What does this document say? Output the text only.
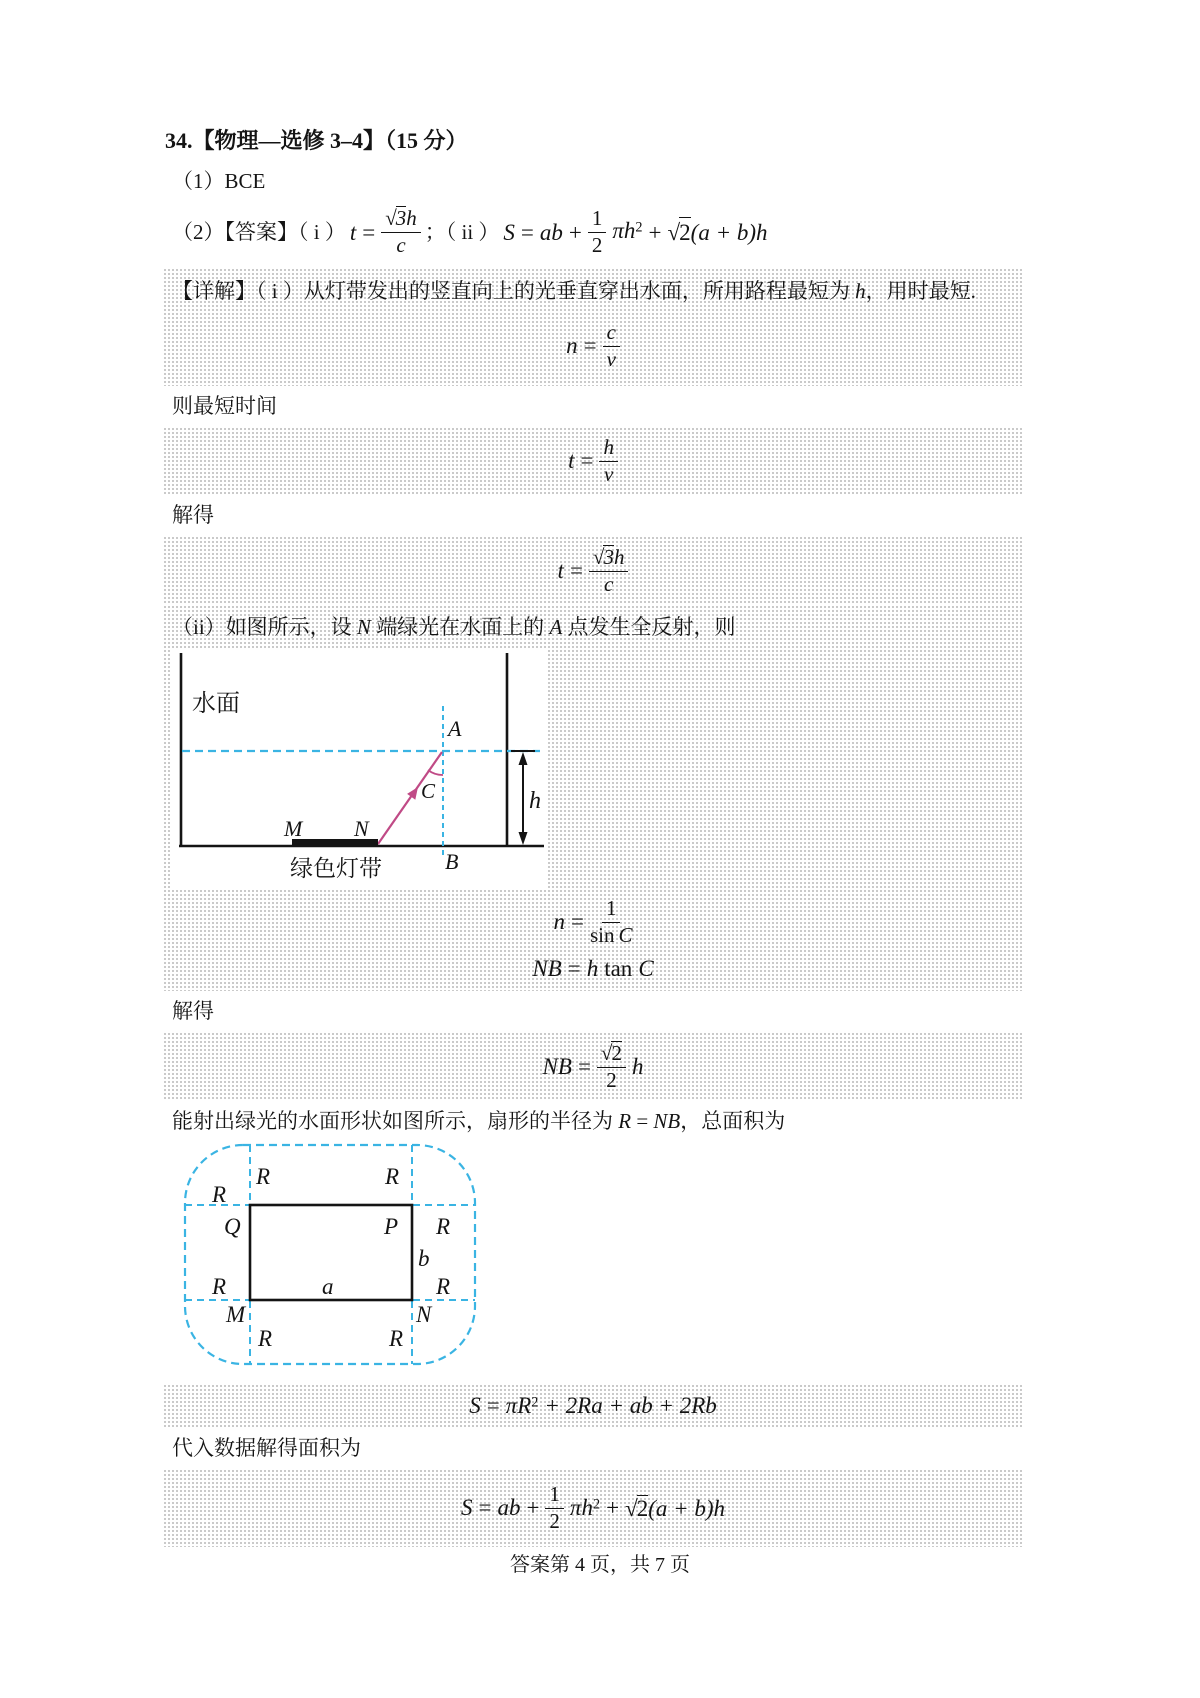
34.【物理—选修 3–4】（15 分）
（1）BCE
（2）【答案】（ i ） $t = \frac{√ 3 h}{c}$ ；（ ii ） S = ab + $\frac{1}{2}$ πh 2 + √ 2 (a + b)h
【详解】（ i ）从灯带发出的竖直向上的光垂直穿出水面，所用路程最短为 h，用时最短.
$n = \frac{c}{v}$
则最短时间
$t = \frac{h}{v}$
解得
$t = \frac{√ 3 h}{c}$
（ii）如图所示，设 N 端绿光在水面上的 A 点发生全反射，则
水面
A
C
M N
B
h
绿色灯带
$n = \frac{1}{\text{sin C}}$
NB = h tan C
解得
NB = $\frac{√ 2}{2}$ h
能射出绿光的水面形状如图所示，扇形的半径为 R = NB，总面积为
R	R
R
Q	P R
b
a
R	R
M	N
R	R
S = πR 2 + 2Ra + ab + 2Rb
代入数据解得面积为
S = ab + $\frac{1}{2}$ πh 2 + √ 2 (a + b)h
答案第 4 页，共 7 页
